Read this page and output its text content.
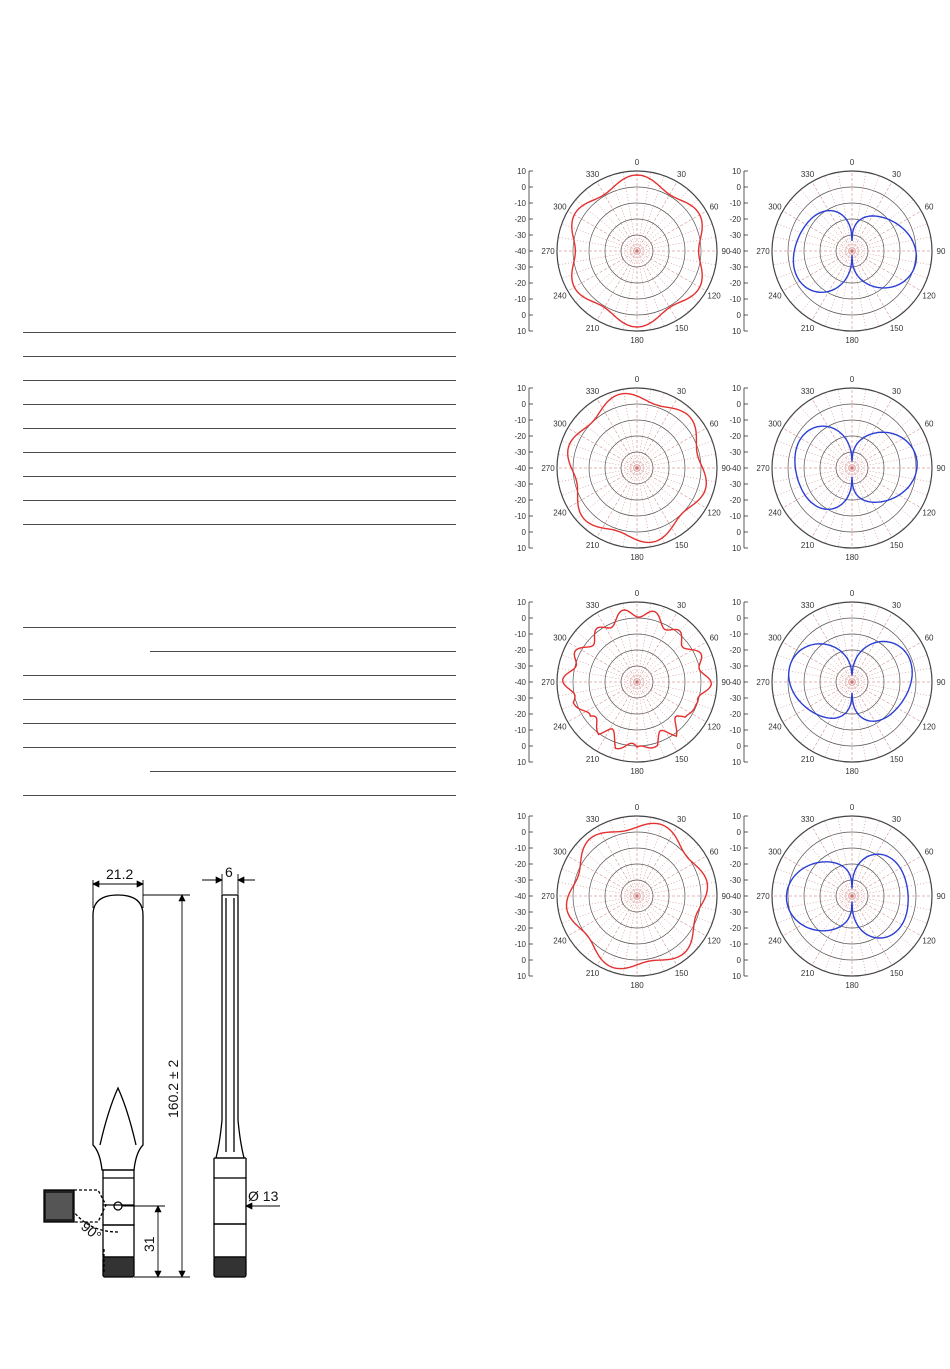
0
30
60
90
120
150
180
210
240
270
300
330
10
0
-10
-20
-30
-40
-30
-20
-10
0
10
0
30
60
90
120
150
180
210
240
270
300
330
10
0
-10
-20
-30
-40
-30
-20
-10
0
10
0
30
60
90
120
150
180
210
240
270
300
330
10
0
-10
-20
-30
-40
-30
-20
-10
0
10
0
30
60
90
120
150
180
210
240
270
300
330
10
0
-10
-20
-30
-40
-30
-20
-10
0
10
0
30
60
90
120
150
180
210
240
270
300
330
10
0
-10
-20
-30
-40
-30
-20
-10
0
10
0
30
60
90
120
150
180
210
240
270
300
330
10
0
-10
-20
-30
-40
-30
-20
-10
0
10
0
30
60
90
120
150
180
210
240
270
300
330
10
0
-10
-20
-30
-40
-30
-20
-10
0
10
0
30
60
90
120
150
180
210
240
270
300
330
10
0
-10
-20
-30
-40
-30
-20
-10
0
10
21.2	6
160.2 ± 2
31
Ø 13
90°
